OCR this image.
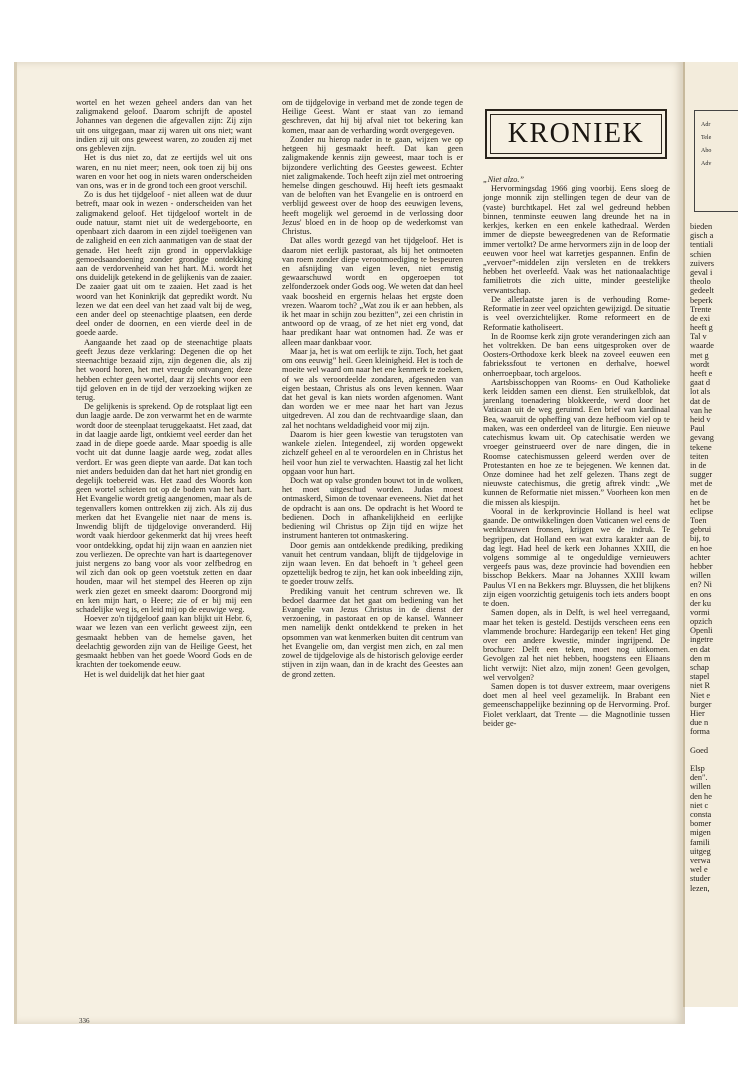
wortel en het wezen geheel anders dan van het zaligmakend geloof. Daarom schrijft de apostel Johannes van degenen die afgevallen zijn: Zij zijn uit ons uitgegaan, maar zij waren uit ons niet; want indien zij uit ons geweest waren, zo zouden zij met ons gebleven zijn.

Het is dus niet zo, dat ze eertijds wel uit ons waren, en nu niet meer; neen, ook toen zij bij ons waren en voor het oog in niets waren onderscheiden van ons, was er in de grond toch een groot verschil.

Zo is dus het tijdgeloof - niet alleen wat de duur betreft, maar ook in wezen - onderscheiden van het zaligmakend geloof. Het tijdgeloof wortelt in de oude natuur, stamt niet uit de wedergeboorte, en openbaart zich daarom in een zijdel toeëigenen van de zaligheid en een zich aanmatigen van de staat der genade. Het heeft zijn grond in oppervlakkige gemoedsaandoening zonder grondige ontdekking aan de verdorvenheid van het hart. M.i. wordt het ons duidelijk getekend in de gelijkenis van de zaaier. De zaaier gaat uit om te zaaien. Het zaad is het woord van het Koninkrijk dat gepredikt wordt. Nu lezen we dat een deel van het zaad valt bij de weg, een ander deel op steenachtige plaatsen, een derde deel onder de doornen, en een vierde deel in de goede aarde.

Aangaande het zaad op de steenachtige plaats geeft Jezus deze verklaring: Degenen die op het steenachtige bezaaid zijn, zijn degenen die, als zij het woord horen, het met vreugde ontvangen; deze hebben echter geen wortel, daar zij slechts voor een tijd geloven en in de tijd der verzoeking wijken ze terug.

De gelijkenis is sprekend. Op de rotsplaat ligt een dun laagje aarde. De zon verwarmt het en de warmte wordt door de steenplaat teruggekaatst. Het zaad, dat in dat laagje aarde ligt, ontkiemt veel eerder dan het zaad in de diepe goede aarde. Maar spoedig is alle vocht uit dat dunne laagje aarde weg, zodat alles verdort. Er was geen diepte van aarde. Dat kan toch niet anders beduiden dan dat het hart niet grondig en degelijk toebereid was. Het zaad des Woords kon geen wortel schieten tot op de bodem van het hart. Het Evangelie wordt gretig aangenomen, maar als de tegenvallers komen onttrekken zij zich. Als zij dus merken dat het Evangelie niet naar de mens is. Inwendig blijft de tijdgelovige onveranderd. Hij wordt vaak hierdoor gekenmerkt dat hij vrees heeft voor ontdekking, opdat hij zijn waan en aanzien niet zou verliezen. De oprechte van hart is daartegenover juist nergens zo bang voor als voor zelfbedrog en wil zich dan ook op geen voetstuk zetten en daar houden, maar wil het stempel des Heeren op zijn werk zien gezet en smeekt daarom: Doorgrond mij en ken mijn hart, o Heere; zie of er bij mij een schadelijke weg is, en leid mij op de eeuwige weg.

Hoever zo'n tijdgeloof gaan kan blijkt uit Hebr. 6, waar we lezen van een verlicht geweest zijn, een gesmaakt hebben van de hemelse gaven, het deelachtig geworden zijn van de Heilige Geest, het gesmaakt hebben van het goede Woord Gods en de krachten der toekomende eeuw.

Het is wel duidelijk dat het hier gaat

om de tijdgelovige in verband met de zonde tegen de Heilige Geest. Want er staat van zo iemand geschreven, dat hij bij afval niet tot bekering kan komen, maar aan de verharding wordt overgegeven.

Zonder nu hierop nader in te gaan, wijzen we op hetgeen hij gesmaakt heeft. Dat kan geen zaligmakende kennis zijn geweest, maar toch is er bijzondere verlichting des Geestes geweest. Echter niet zaligmakende. Toch heeft zijn ziel met ontroering hemelse dingen geschouwd. Hij heeft iets gesmaakt van de beloften van het Evangelie en is ontroerd en verblijd geweest over de hoop des eeuwigen levens, heeft mogelijk wel geroemd in de verlossing door Jezus' bloed en in de hoop op de wederkomst van Christus.

Dat alles wordt gezegd van het tijdgeloof. Het is daarom niet eerlijk pastoraat, als bij het ontmoeten van roem zonder diepe verootmoediging te bespeuren en afsnijding van eigen leven, niet ernstig gewaarschuwd wordt en opgeroepen tot zelfonderzoek onder Gods oog. We weten dat dan heel vaak boosheid en ergernis helaas het ergste doen vrezen. Waarom toch? „Wat zou ik er aan hebben, als ik het maar in schijn zou bezitten”, zei een christin in antwoord op de vraag, of ze het niet erg vond, dat haar predikant haar wat ontnomen had. Ze was er alleen maar dankbaar voor.

Maar ja, het is wat om eerlijk te zijn. Toch, het gaat om ons eeuwigˮ heil. Geen kleinigheid. Het is toch de moeite wel waard om naar het ene kenmerk te zoeken, of we als veroordeelde zondaren, afgesneden van eigen bestaan, Christus als ons leven kennen. Waar dat het geval is kan niets worden afgenomen. Want dan worden we er mee naar het hart van Jezus uitgedreven. Al zou dan de rechtvaardige slaan, dan zal het nochtans weldadigheid voor mij zijn.

Daarom is hier geen kwestie van terugstoten van wankele zielen. Integendeel, zij worden opgewekt zichzelf geheel en al te veroordelen en in Christus het heil voor hun ziel te verwachten. Haastig zal het licht opgaan voor hun hart.

Doch wat op valse gronden bouwt tot in de wolken, het moet uitgeschud worden. Judas moest ontmaskerd, Simon de tovenaar eveneens. Niet dat het de opdracht is aan ons. De opdracht is het Woord te bedienen. Doch in afhankelijkheid en eerlijke bediening wil Christus op Zijn tijd en wijze het instrument hanteren tot ontmaskering.

Door gemis aan ontdekkende prediking, prediking vanuit het centrum vandaan, blijft de tijdgelovige in zijn waan leven. En dat behoeft in 't geheel geen opzettelijk bedrog te zijn, het kan ook inbeelding zijn, te goeder trouw zelfs.

Prediking vanuit het centrum schreven we. Ik bedoel daarmee dat het gaat om bediening van het Evangelie van Jezus Christus in de dienst der verzoening, in pastoraat en op de kansel. Wanneer men namelijk denkt ontdekkend te preken in het opsommen van wat kenmerken buiten dit centrum van het Evangelie om, dan vergist men zich, en zal men zowel de tijdgelovige als de historisch gelovige eerder stijven in zijn waan, dan in de kracht des Geestes aan de grond zetten.

KRONIEK

„Niet alzo.”

Hervormingsdag 1966 ging voorbij. Eens sloeg de jonge monnik zijn stellingen tegen de deur van de (vaste) burchtkapel. Het zal wel gedreund hebben binnen, tenminste eeuwen lang dreunde het na in kerkjes, kerken en een enkele kathedraal. Werden immer de diepste beweegredenen van de Reformatie immer vertolkt? De arme hervormers zijn in de loop der eeuwen voor heel wat karretjes gespannen. Enfin de „vervoer”-middelen zijn versleten en de trekkers hebben het overleefd. Vaak was het nationaalachtige familietrots die zich uitte, minder geestelijke verwantschap.

De allerlaatste jaren is de verhouding Rome-Reformatie in zeer veel opzichten gewijzigd. De situatie is veel overzichtelijker. Rome reformeert en de Reformatie katholiseert.

In de Roomse kerk zijn grote veranderingen zich aan het voltrekken. De ban eens uitgesproken over de Oosters-Orthodoxe kerk bleek na zoveel eeuwen een fabriekssfout te vertonen en derhalve, hoewel onherroepbaar, toch argeloos.

Aartsbisschoppen van Rooms- en Oud Katholieke kerk leidden samen een dienst. Een struikelblok, dat jarenlang toenadering blokkeerde, werd door het Vaticaan uit de weg geruimd. Een brief van kardinaal Bea, waaruit de opheffing van deze hefboom viel op te maken, was een onderdeel van de liturgie. Een nieuwe catechismus kwam uit. Op catechisatie werden we vroeger geinstrueerd over de nare dingen, die in Roomse catechismussen geleerd werden over de Protestanten en hoe ze te bejegenen. We kennen dat. Onze dominee had het zelf gelezen. Thans zegt de nieuwste catechismus, die gretig aftrek vindt: „We kunnen de Reformatie niet missen.” Voorheen kon men die missen als kiespijn.

Vooral in de kerkprovincie Holland is heel wat gaande. De ontwikkelingen doen Vaticanen wel eens de wenkbrauwen fronsen, krijgen we de indruk. Te begrijpen, dat Holland een wat extra karakter aan de dag legt. Had heel de kerk een Johannes XXIII, die volgens sommige al te ongeduldige vernieuwers vergeefs paus was, deze provincie had bovendien een bisschop Bekkers. Maar na Johannes XXIII kwam Paulus VI en na Bekkers mgr. Bluyssen, die het blijkens zijn eigen voorzichtig getuigenis toch iets anders boopt te doen.

Samen dopen, als in Delft, is wel heel verregaand, maar het teken is gesteld. Destijds verscheen eens een vlammende brochure: Hardegarijp een teken! Het ging over een andere kwestie, minder ingrijpend. De brochure: Delft een teken, moet nog uitkomen. Gevolgen zal het niet hebben, hoogstens een Eliaans licht verwijt: Niet alzo, mijn zonen! Geen gevolgen, wel vervolgen?

Samen dopen is tot dusver extreem, maar overigens doet men al heel veel gezamelijk. In Brabant een gemeenschappelijke bezinning op de Hervorming. Prof. Fiolet verklaart, dat Trente — die Magnotlinie tussen beider ge-

336
Adr
Tele
Abo
Adv
bieden
gisch a
tentiali
schien
zuivers
geval i
theolo
gedeelt
beperk
Trente
de exi
heeft g
Tal v
waarde
met g
wordt
heeft e
gaat d
lot als
dat de
van he
heid v
Paul
gevang
tekene
teiten
in de
sugger
met de
en de
het be
eclipse
Toen
gebrui
bij, to
en hoe
achter
hebber
willen
en? Ni
en ons
der ku
vormi
opzich
Openli
ingetre
en dat
den m
schap
stapel
niet R
Niet e
burger
Hier
due n
forma
Goed
Elsp
den".
willen
den he
niet c
consta
bomer
migen
famili
uitgeg
verwa
wel e
studer
lezen,
